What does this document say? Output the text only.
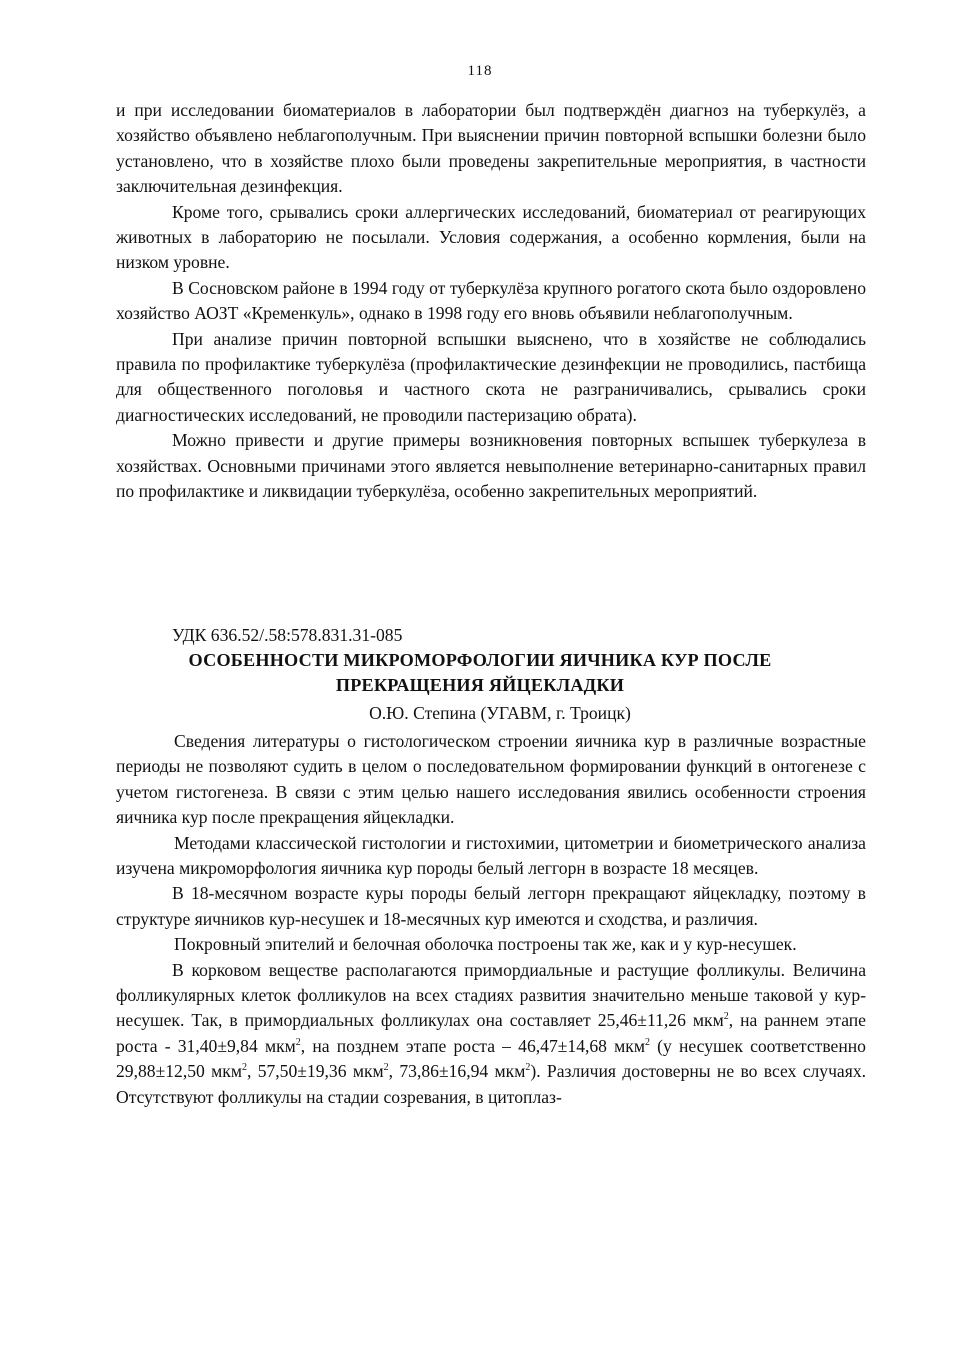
118

и при исследовании биоматериалов в лаборатории был подтверждён диагноз на туберкулёз, а хозяйство объявлено неблагополучным. При выяснении причин повторной вспышки болезни было установлено, что в хозяйстве плохо были проведены закрепительные мероприятия, в частности заключительная дезинфекция.

Кроме того, срывались сроки аллергических исследований, биоматериал от реагирующих животных в лабораторию не посылали. Условия содержания, а особенно кормления, были на низком уровне.

В Сосновском районе в 1994 году от туберкулёза крупного рогатого скота было оздоровлено хозяйство АОЗТ «Кременкуль», однако в 1998 году его вновь объявили неблагополучным.

При анализе причин повторной вспышки выяснено, что в хозяйстве не соблюдались правила по профилактике туберкулёза (профилактические дезинфекции не проводились, пастбища для общественного поголовья и частного скота не разграничивались, срывались сроки диагностических исследований, не проводили пастеризацию обрата).

Можно привести и другие примеры возникновения повторных вспышек туберкулеза в хозяйствах. Основными причинами этого является невыполнение ветеринарно-санитарных правил по профилактике и ликвидации туберкулёза, особенно закрепительных мероприятий.

УДК 636.52/.58:578.831.31-085
ОСОБЕННОСТИ МИКРОМОРФОЛОГИИ ЯИЧНИКА КУР ПОСЛЕ
ПРЕКРАЩЕНИЯ ЯЙЦЕКЛАДКИ
О.Ю. Степина (УГАВМ, г. Троицк)

Сведения литературы о гистологическом строении яичника кур в различные возрастные периоды не позволяют судить в целом о последовательном формировании функций в онтогенезе с учетом гистогенеза. В связи с этим целью нашего исследования явились особенности строения яичника кур после прекращения яйцекладки.

Методами классической гистологии и гистохимии, цитометрии и биометрического анализа изучена микроморфология яичника кур породы белый леггорн в возрасте 18 месяцев.

В 18-месячном возрасте куры породы белый леггорн прекращают яйцекладку, поэтому в структуре яичников кур-несушек и 18-месячных кур имеются и сходства, и различия.

Покровный эпителий и белочная оболочка построены так же, как и у кур-несушек.

В корковом веществе располагаются примордиальные и растущие фолликулы. Величина фолликулярных клеток фолликулов на всех стадиях развития значительно меньше таковой у кур-несушек. Так, в примордиальных фолликулах она составляет 25,46±11,26 мкм$^2$, на раннем этапе роста - 31,40±9,84 мкм$^2$, на позднем этапе роста – 46,47±14,68 мкм$^2$ (у несушек соответственно 29,88±12,50 мкм$^2$, 57,50±19,36 мкм$^2$, 73,86±16,94 мкм$^2$). Различия достоверны не во всех случаях. Отсутствуют фолликулы на стадии созревания, в цитоплаз-
